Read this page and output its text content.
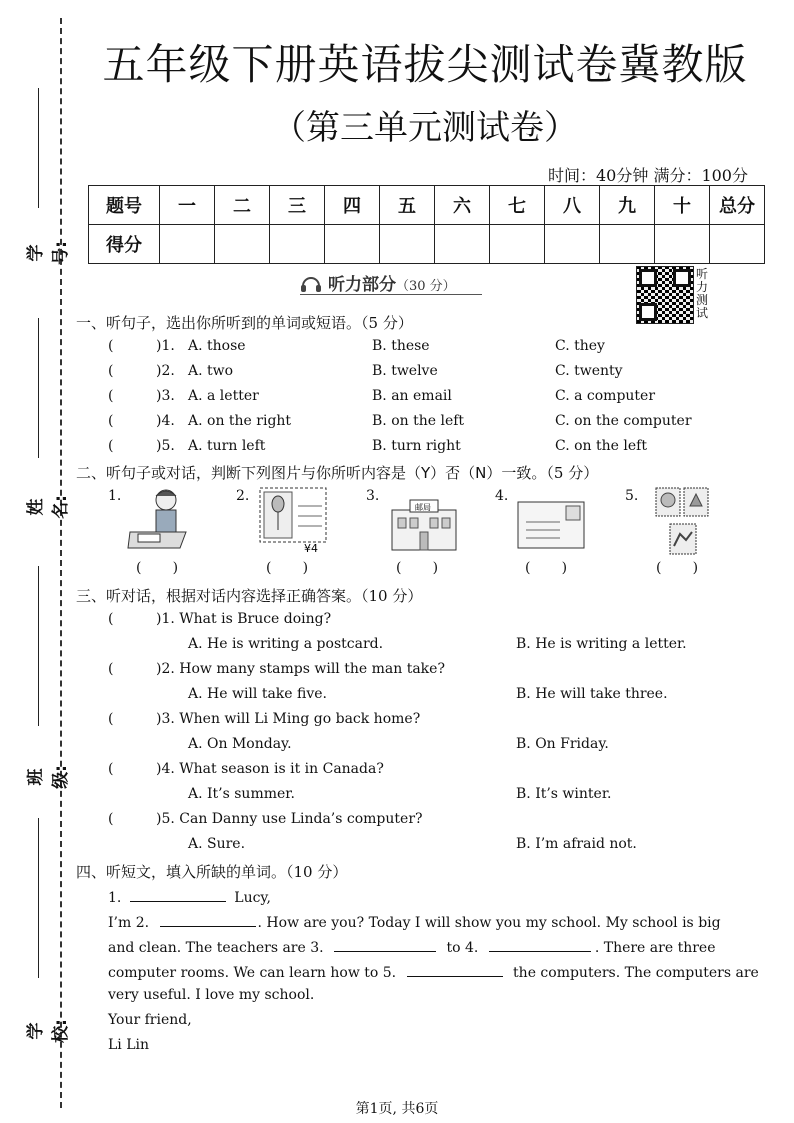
学号:
姓名:
班级:
学校:
五年级下册英语拔尖测试卷冀教版
（第三单元测试卷）
时间：40分钟 满分：100分
题号	一	二	三	四	五	六	七	八	九	十	总分
得分											
听力部分（30 分）
听力测试
一、听句子，选出你所听到的单词或短语。（5 分）
(	)1. A. those	B. these	C. they
(	)2. A. two	B. twelve	C. twenty
(	)3. A. a letter	B. an email	C. a computer
(	)4. A. on the right	B. on the left	C. on the computer
(	)5. A. turn left	B. turn right	C. on the left
二、听句子或对话，判断下列图片与你所听内容是（Y）否（N）一致。（5 分）
1.	2.	3.	4.	5.
¥4
邮局
(       )	(       )	(       )	(       )	(       )
三、听对话，根据对话内容选择正确答案。（10 分）
(	)1. What is Bruce doing?
A. He is writing a postcard.	B. He is writing a letter.
(	)2. How many stamps will the man take?
A. He will take five.	B. He will take three.
(	)3. When will Li Ming go back home?
A. On Monday.	B. On Friday.
(	)4. What season is it in Canada?
A. It’s summer.	B. It’s winter.
(	)5. Can Danny use Linda’s computer?
A. Sure.	B. I’m afraid not.
四、听短文，填入所缺的单词。（10 分）
1.	Lucy,
I’m 2.	. How are you? Today I will show you my school. My school is big
and clean. The teachers are 3.	to 4.	. There are three
computer rooms. We can learn how to 5.	the computers. The computers are
very useful. I love my school.
Your friend,
Li Lin
第1页, 共6页
